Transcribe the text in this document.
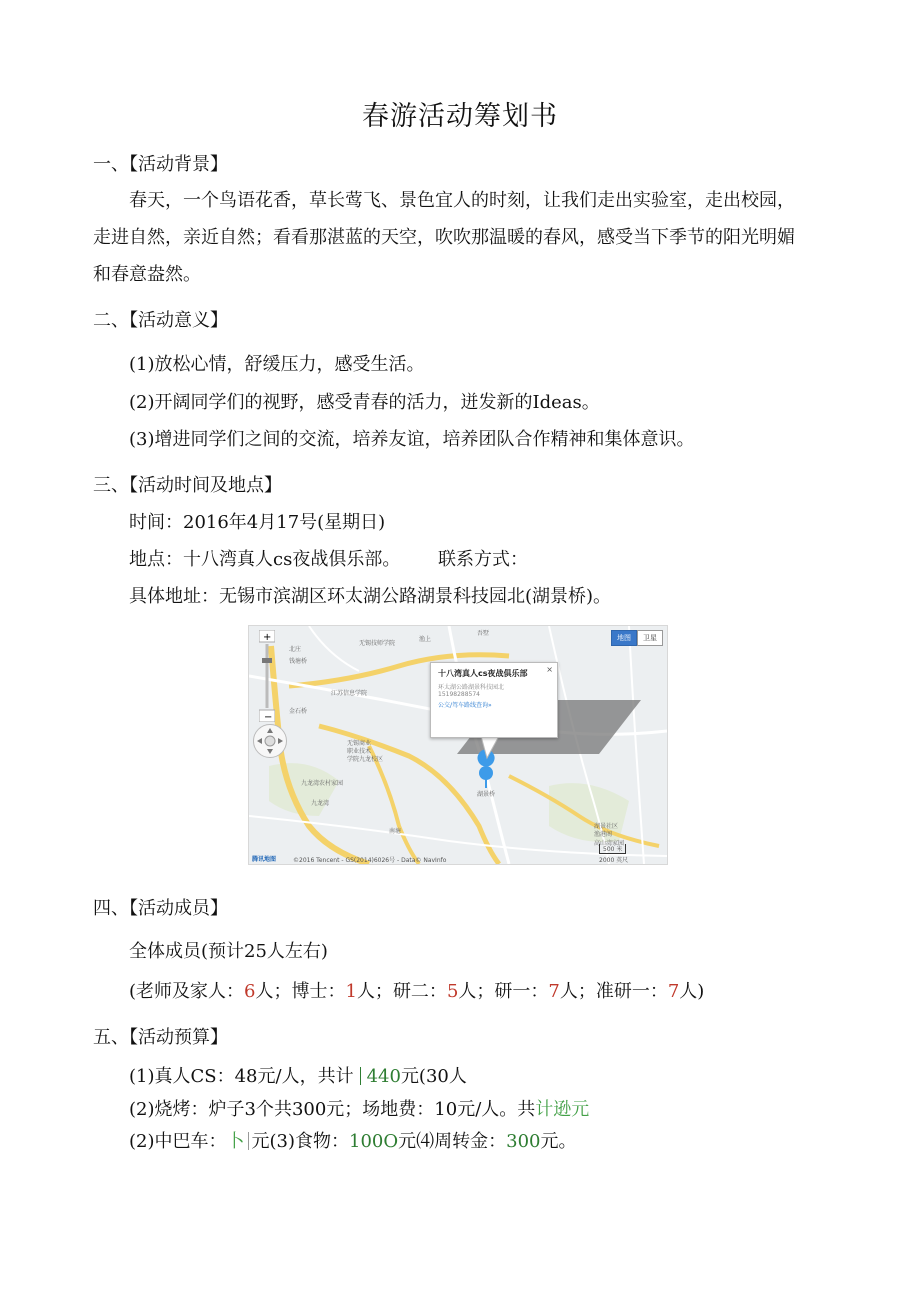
春游活动筹划书
一、【活动背景】
春天，一个鸟语花香，草长莺飞、景色宜人的时刻，让我们走出实验室，走出校园，
走进自然，亲近自然；看看那湛蓝的天空，吹吹那温暖的春风，感受当下季节的阳光明媚
和春意盎然。
二、【活动意义】
(1)放松心情，舒缓压力，感受生活。
(2)开阔同学们的视野，感受青春的活力，迸发新的Ideas。
(3)增进同学们之间的交流，培养友谊，培养团队合作精神和集体意识。
三、【活动时间及地点】
时间：2016年4月17号(星期日)
地点：十八湾真人cs夜战俱乐部。 联系方式：
具体地址：无锡市滨湖区环太湖公路湖景科技园北(湖景桥)。
+
−
地图	卫星
无锡技师学院
渔上
吾墅
江苏信息学院
无锡商业
职业技术
学院九龙校区
九龙湾农村家园
九龙湾
湖景社区
渔港阁
高山湾家园
钱塘桥
金石桥
北庄
南塘
湖景桥
十八湾真人cs夜战俱乐部 ×
环太湖公路湖景科技园北
15198288574
公交/驾车路线查询»
腾讯地图	©2016 Tencent - GS(2014)6026号 - Data© NavInfo
500 米
2000 英尺
四、【活动成员】
全体成员(预计25人左右)
(老师及家人：6人；博士：1人；研二：5人；研一：7人；准研一：7人)
五、【活动预算】
(1)真人CS：48元/人，共计 440元(30人
(2)烧烤：炉子3个共300元；场地费：10元/人。共计逊元
(2)中巴车：卜 元(3)食物：100O元⑷周转金：300元。
